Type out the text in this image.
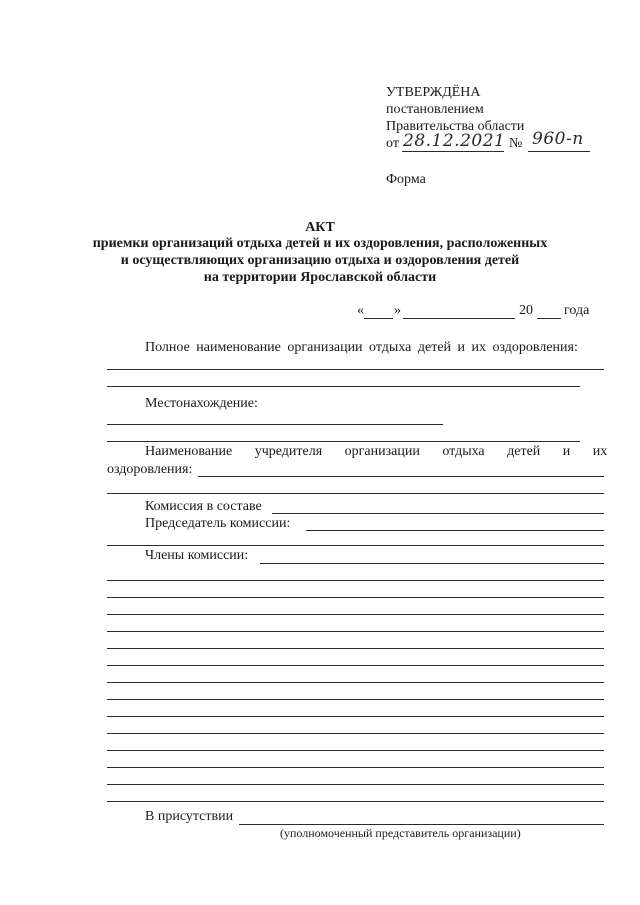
УТВЕРЖДЁНА
постановлением
Правительства области
от 28.12.2021 № 960-п
Форма
АКТ
приемки организаций отдыха детей и их оздоровления, расположенных
и осуществляющих организацию отдыха и оздоровления детей
на территории Ярославской области
« »	20 года
Полное наименование организации отдыха детей и их оздоровления:
Местонахождение:
Наименование учредителя организации отдыха детей и их
оздоровления:
Комиссия в составе
Председатель комиссии:
Члены комиссии:
В присутствии
(уполномоченный представитель организации)
